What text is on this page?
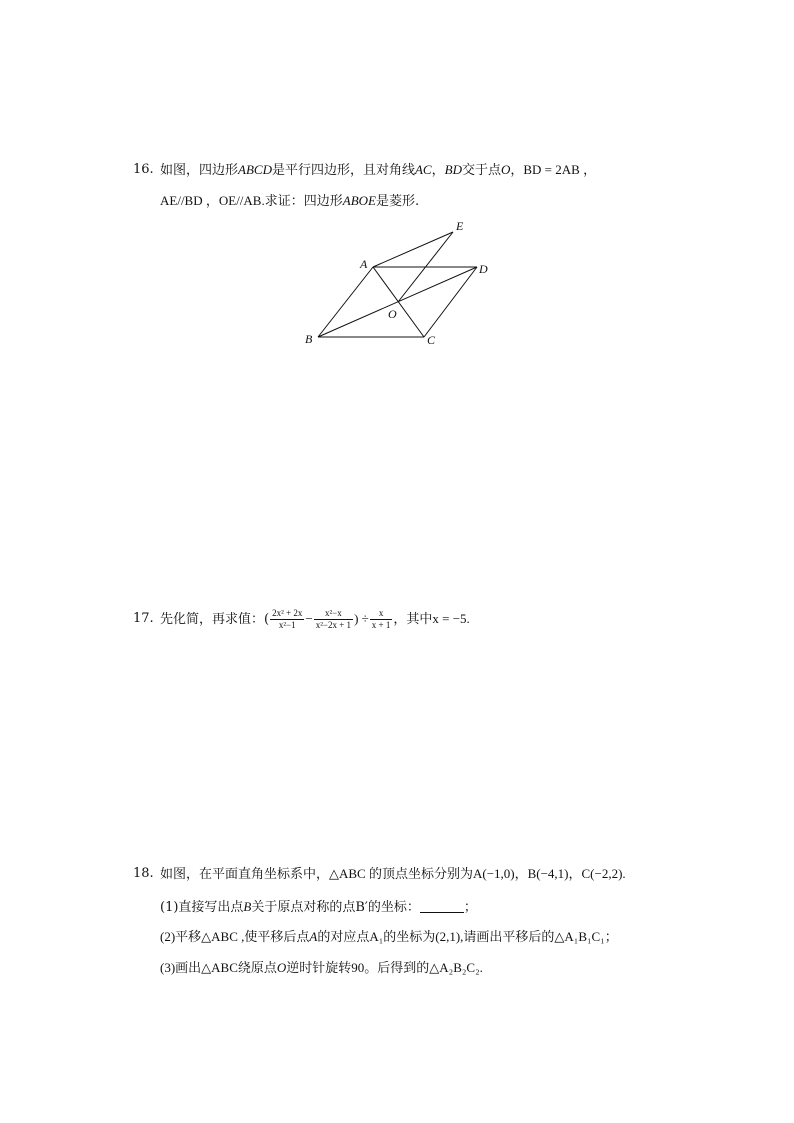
16. 如图，四边形ABCD是平行四边形，且对角线AC，BD交于点O，BD = 2AB ，
AE//BD ，OE//AB.求证：四边形ABOE是菱形.
A
B	C
D
E
O
17. 先化简，再求值：( $\frac{\text{2x² + 2x}}{\text{x²−1}} - \frac{\text{x²−x}}{\text{x²−2x + 1}}$ ) ÷ $\frac{x}{x + 1}$ ，其中x = −5.
18. 如图，在平面直角坐标系中，△ABC 的顶点坐标分别为A(−1,0)，B(−4,1)，C(−2,2).
(1)直接写出点B关于原点对称的点B′的坐标：	；
(2)平移△ABC ,使平移后点A的对应点A₁的坐标为(2,1),请画出平移后的△A₁B₁C₁；
(3)画出△ABC绕原点O逆时针旋转90。后得到的△A₂B₂C₂.
